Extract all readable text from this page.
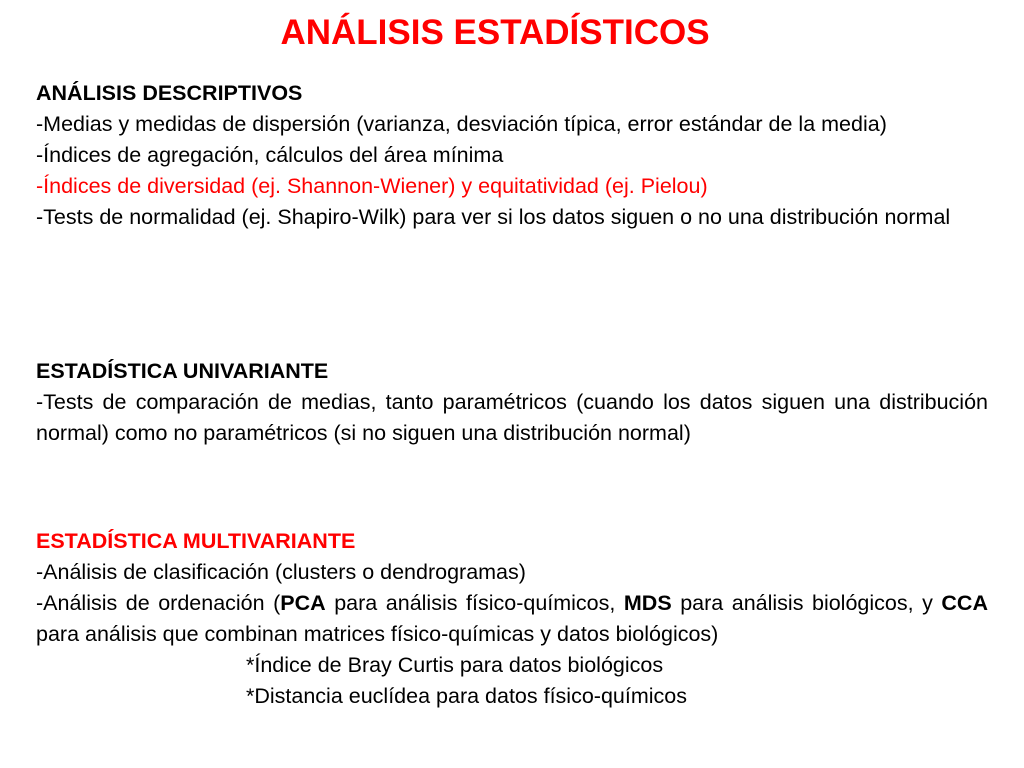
ANÁLISIS ESTADÍSTICOS

ANÁLISIS DESCRIPTIVOS

-Medias y medidas de dispersión (varianza, desviación típica, error estándar de la media)

-Índices de agregación, cálculos del área mínima

-Índices de diversidad (ej. Shannon-Wiener) y equitatividad (ej. Pielou)

-Tests de normalidad (ej. Shapiro-Wilk) para ver si los datos siguen o no una distribución normal

ESTADÍSTICA UNIVARIANTE

-Tests de comparación de medias, tanto paramétricos (cuando los datos siguen una distribución normal) como no paramétricos (si no siguen una distribución normal)

ESTADÍSTICA MULTIVARIANTE

-Análisis de clasificación (clusters o dendrogramas)

-Análisis de ordenación (PCA para análisis físico-químicos, MDS para análisis biológicos, y CCA para análisis que combinan matrices físico-químicas y datos biológicos)

*Índice de Bray Curtis para datos biológicos

*Distancia euclídea para datos físico-químicos
